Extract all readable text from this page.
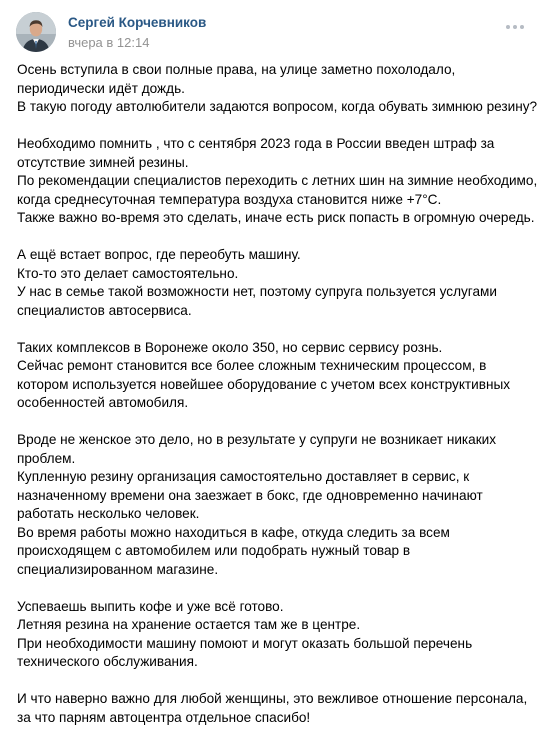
Сергей Корчевников
вчера в 12:14
Осень вступила в свои полные права, на улице заметно похолодало,
периодически идёт дождь.
В такую погоду автолюбители задаются вопросом, когда обувать зимнюю резину?
Необходимо помнить , что с сентября 2023 года в России введен штраф за
отсутствие зимней резины.
По рекомендации специалистов переходить с летних шин на зимние необходимо,
когда среднесуточная температура воздуха становится ниже +7°С.
Также важно во-время это сделать, иначе есть риск попасть в огромную очередь.
А ещё встает вопрос, где переобуть машину.
Кто-то это делает самостоятельно.
У нас в семье такой возможности нет, поэтому супруга пользуется услугами
специалистов автосервиса.
Таких комплексов в Воронеже около 350, но сервис сервису рознь.
Сейчас ремонт становится все более сложным техническим процессом, в
котором используется новейшее оборудование с учетом всех конструктивных
особенностей автомобиля.
Вроде не женское это дело, но в результате у супруги не возникает никаких
проблем.
Купленную резину организация самостоятельно доставляет в сервис, к
назначенному времени она заезжает в бокс, где одновременно начинают
работать несколько человек.
Во время работы можно находиться в кафе, откуда следить за всем
происходящем с автомобилем или подобрать нужный товар в
специализированном магазине.
Успеваешь выпить кофе и уже всё готово.
Летняя резина на хранение остается там же в центре.
При необходимости машину помоют и могут оказать большой перечень
технического обслуживания.
И что наверно важно для любой женщины, это вежливое отношение персонала,
за что парням автоцентра отдельное спасибо!
